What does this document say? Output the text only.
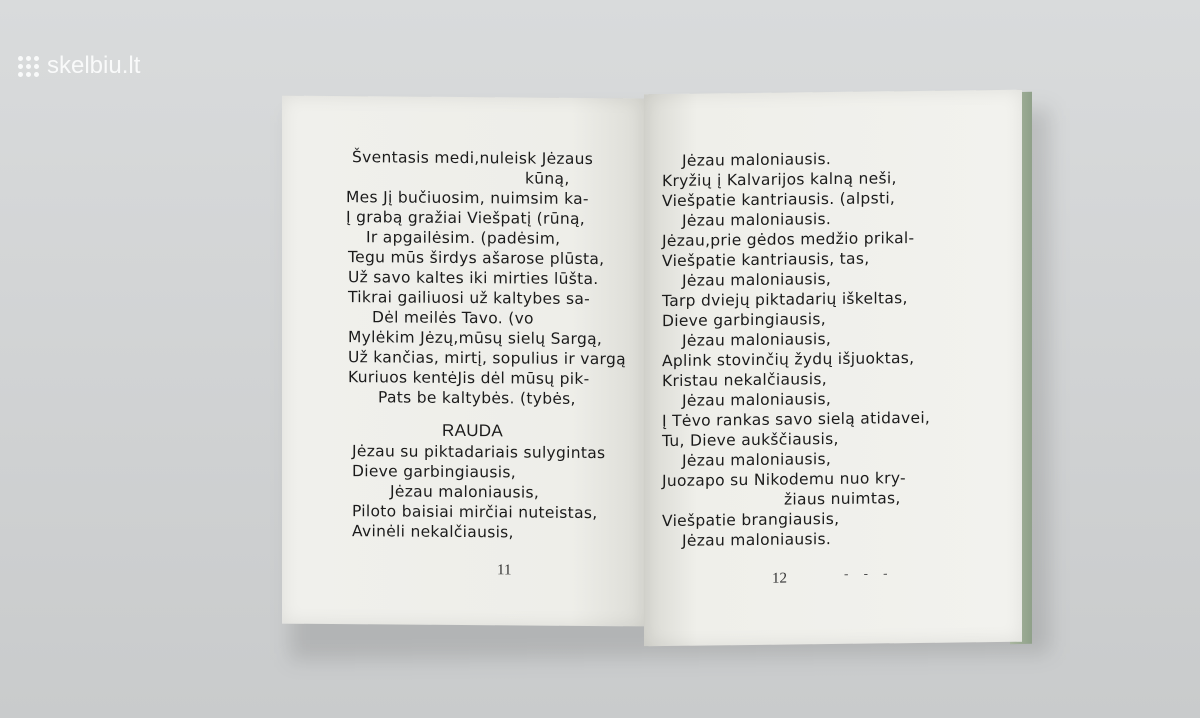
skelbiu.lt
Šventasis medi,nuleisk Jėzaus
kūną,
Mes Jį bučiuosim, nuimsim ka-
Į grabą gražiai Viešpatį (rūną,
Ir apgailėsim. (padėsim,
Tegu mūs širdys ašarose plūsta,
Už savo kaltes iki mirties lūšta.
Tikrai gailiuosi už kaltybes sa-
Dėl meilės Tavo. (vo
Mylėkim Jėzų,mūsų sielų Sargą,
Už kančias, mirtį, sopulius ir vargą
Kuriuos kentėJis dėl mūsų pik-
Pats be kaltybės. (tybės,
RAUDA
Jėzau su piktadariais sulygintas
Dieve garbingiausis,
Jėzau maloniausis,
Piloto baisiai mirčiai nuteistas,
Avinėli nekalčiausis,
11
Jėzau maloniausis.
Kryžių į Kalvarijos kalną neši,
Viešpatie kantriausis. (alpsti,
Jėzau maloniausis.
Jėzau,prie gėdos medžio prikal-
Viešpatie kantriausis, tas,
Jėzau maloniausis,
Tarp dviejų piktadarių iškeltas,
Dieve garbingiausis,
Jėzau maloniausis,
Aplink stovinčių žydų išjuoktas,
Kristau nekalčiausis,
Jėzau maloniausis,
Į Tėvo rankas savo sielą atidavei,
Tu, Dieve aukščiausis,
Jėzau maloniausis,
Juozapo su Nikodemu nuo kry-
žiaus nuimtas,
Viešpatie brangiausis,
Jėzau maloniausis.
12	- - -
